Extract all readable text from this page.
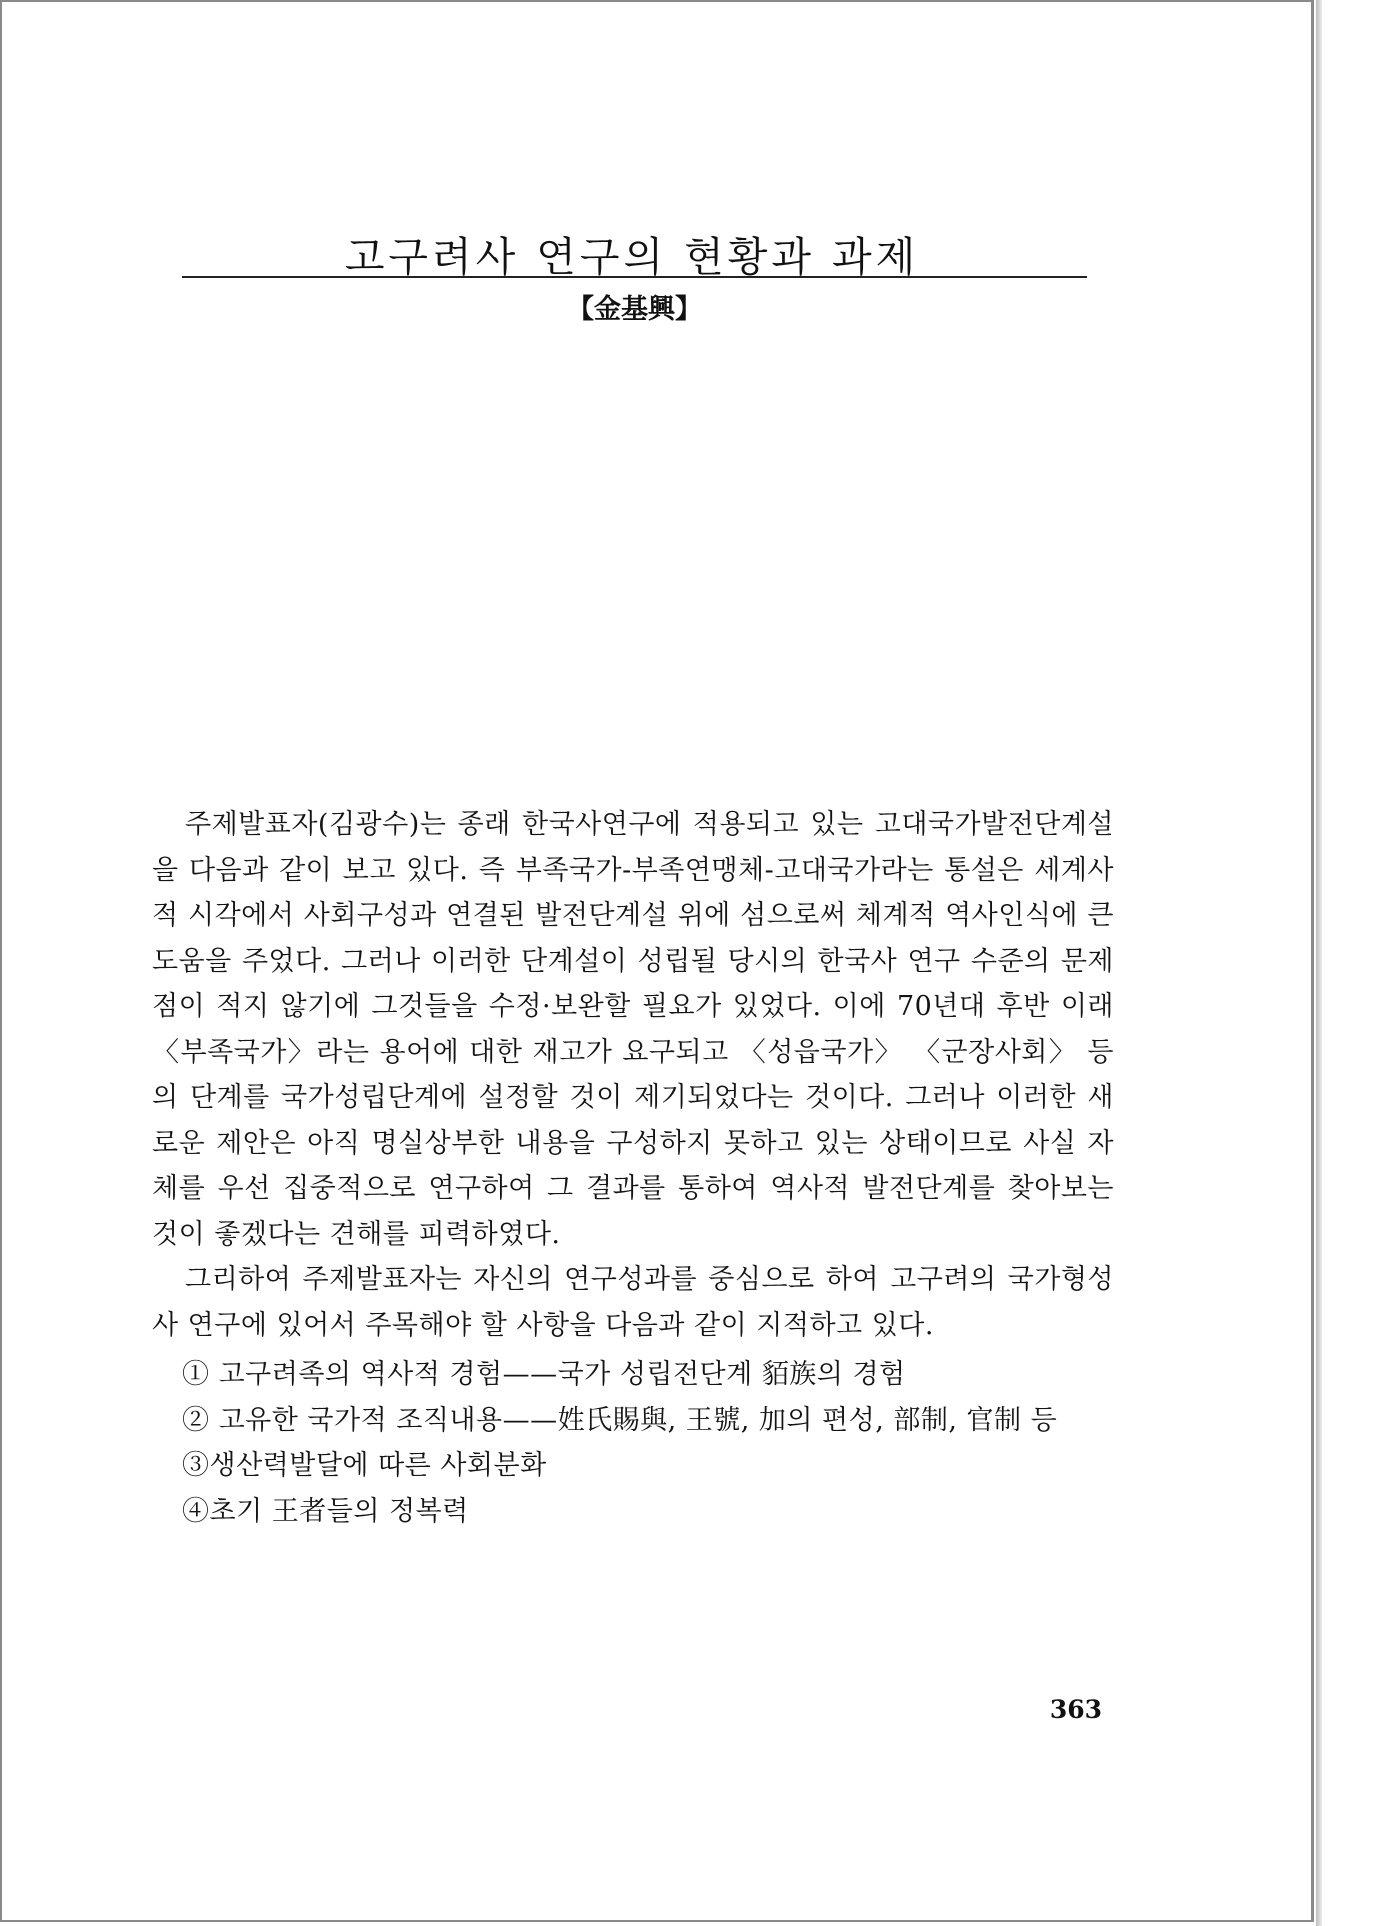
고구려사 연구의 현황과 과제
【金基興】

주제발표자(김광수)는 종래 한국사연구에 적용되고 있는 고대국가발전단계설을 다음과 같이 보고 있다. 즉 부족국가-부족연맹체-고대국가라는 통설은 세계사적 시각에서 사회구성과 연결된 발전단계설 위에 섬으로써 체계적 역사인식에 큰 도움을 주었다. 그러나 이러한 단계설이 성립될 당시의 한국사 연구 수준의 문제점이 적지 않기에 그것들을 수정·보완할 필요가 있었다. 이에 70년대 후반 이래 〈부족국가〉라는 용어에 대한 재고가 요구되고 〈성읍국가〉 〈군장사회〉 등의 단계를 국가성립단계에 설정할 것이 제기되었다는 것이다. 그러나 이러한 새로운 제안은 아직 명실상부한 내용을 구성하지 못하고 있는 상태이므로 사실 자체를 우선 집중적으로 연구하여 그 결과를 통하여 역사적 발전단계를 찾아보는 것이 좋겠다는 견해를 피력하였다.

그리하여 주제발표자는 자신의 연구성과를 중심으로 하여 고구려의 국가형성사 연구에 있어서 주목해야 할 사항을 다음과 같이 지적하고 있다.

① 고구려족의 역사적 경험——국가 성립전단계 貊族의 경험
② 고유한 국가적 조직내용——姓氏賜與, 王號, 加의 편성, 部制, 官制 등
③생산력발달에 따른 사회분화
④초기 王者들의 정복력
363
